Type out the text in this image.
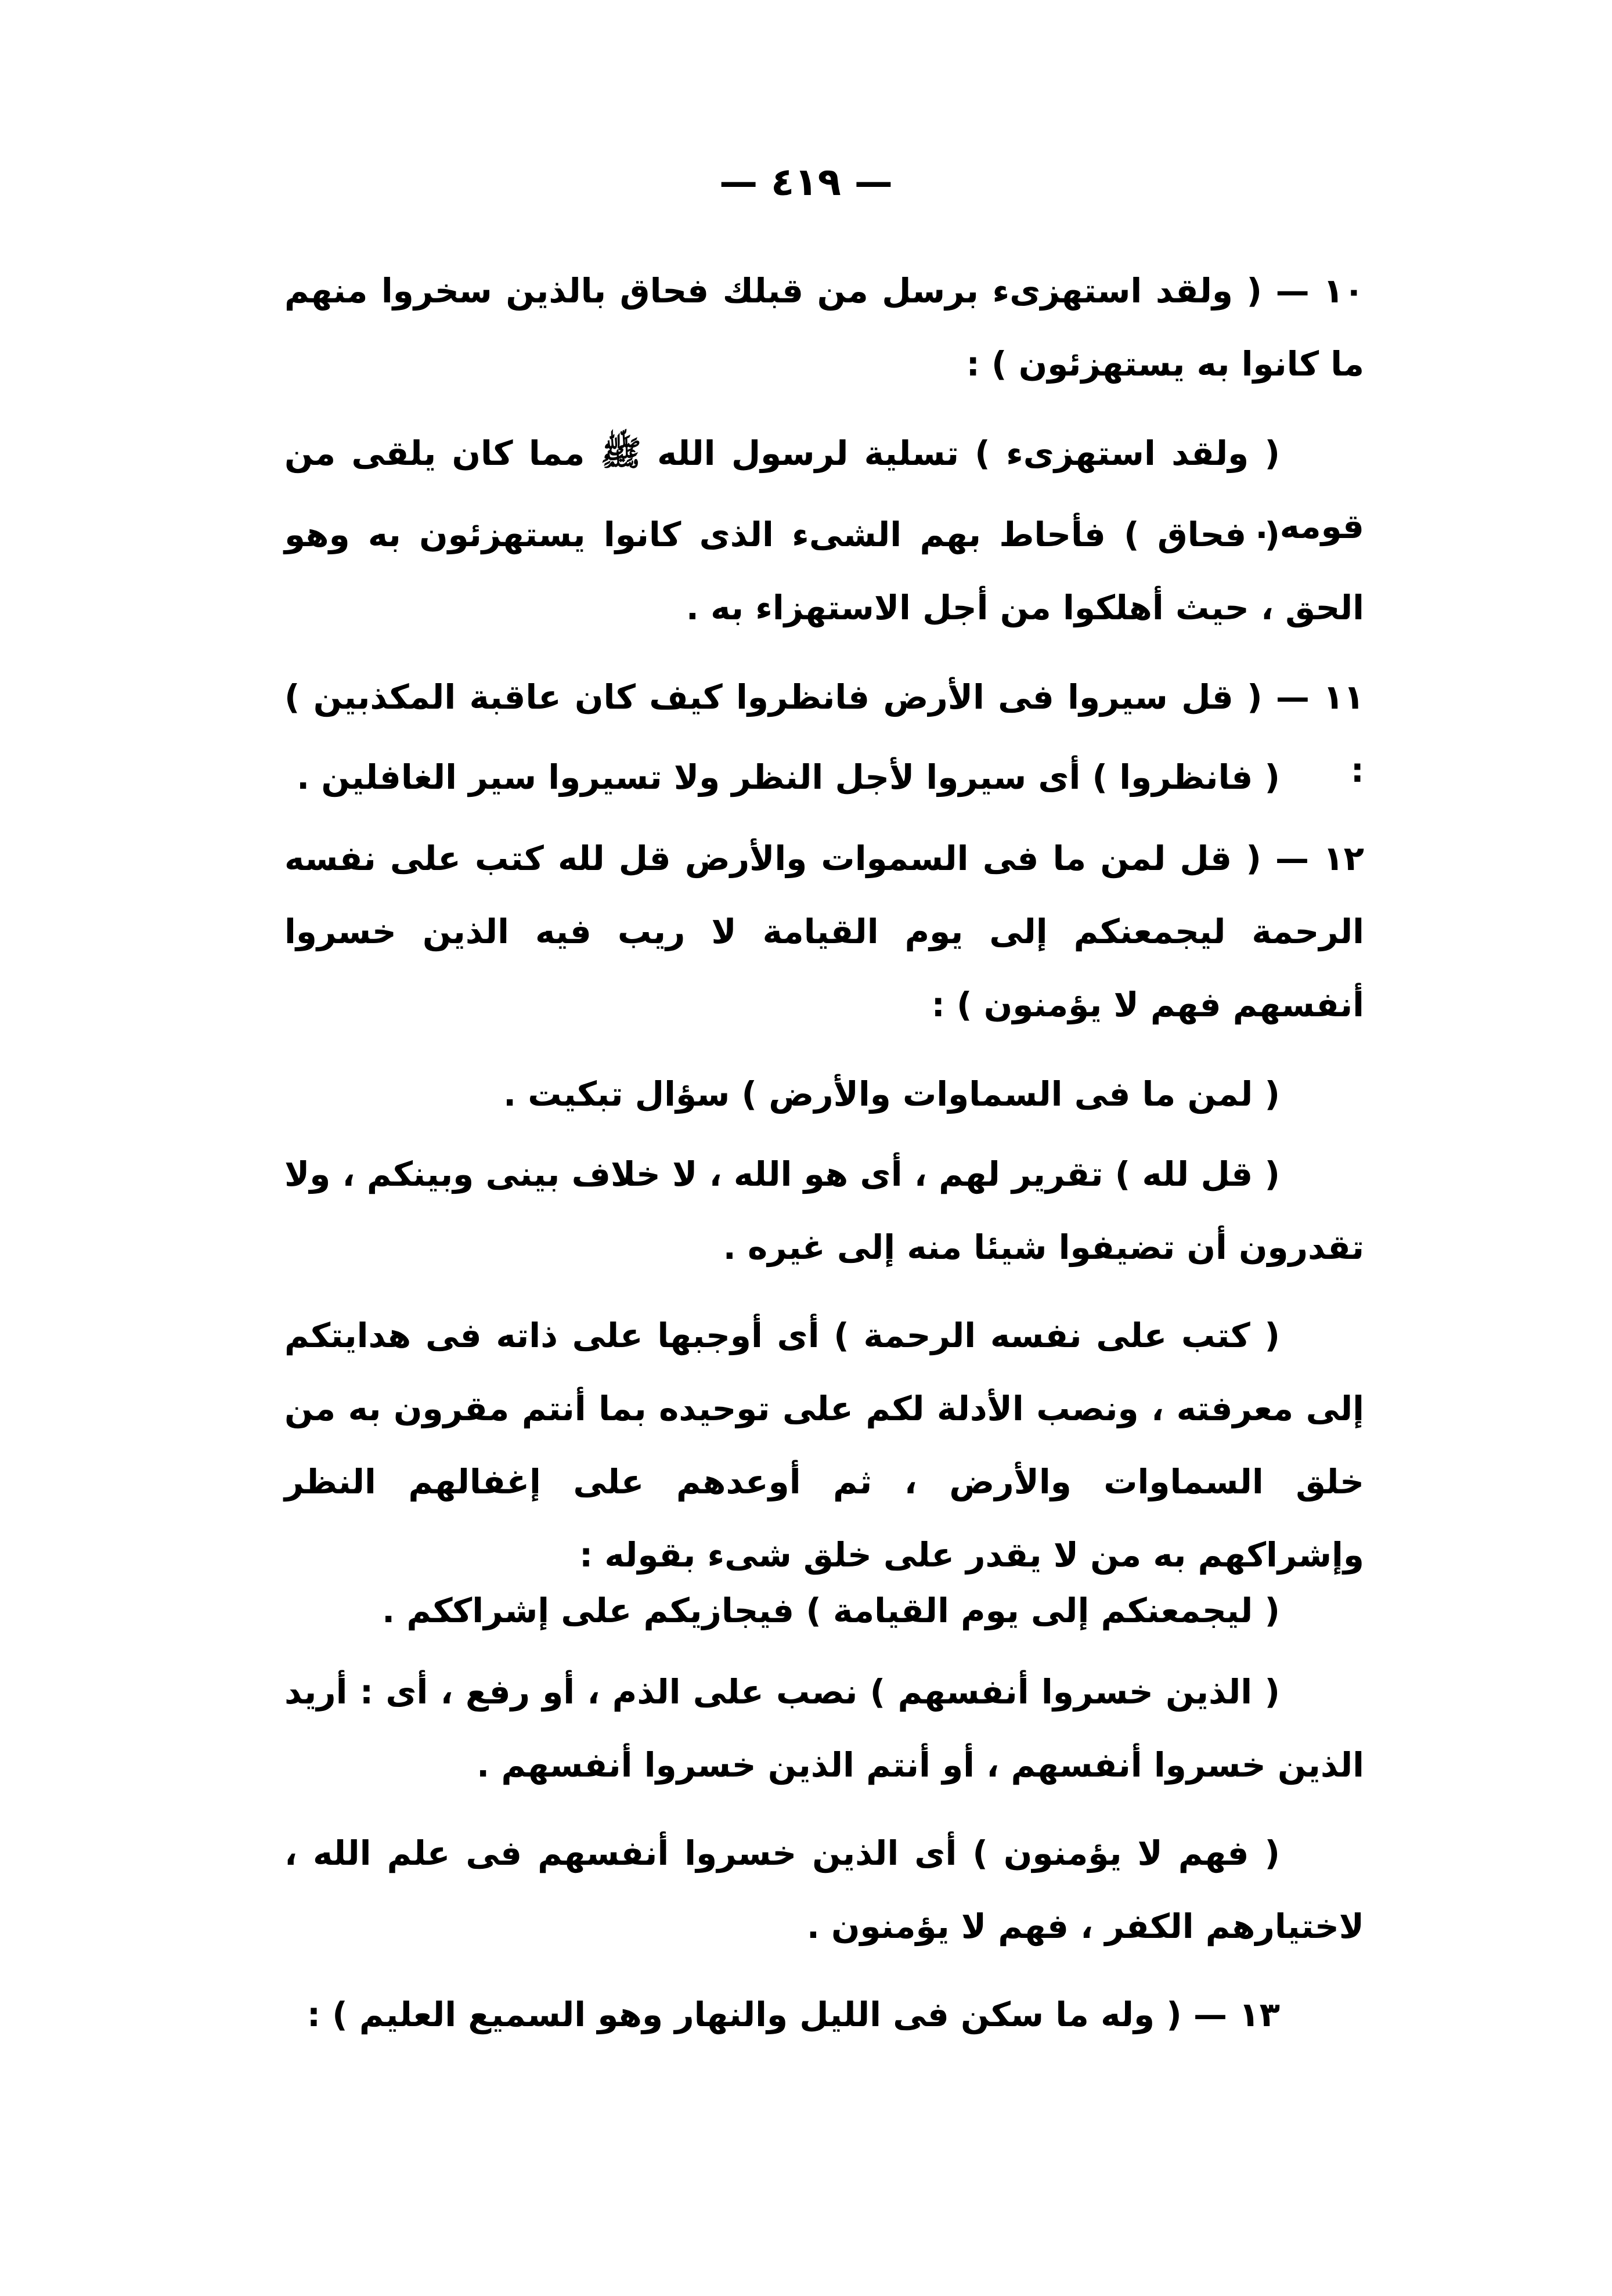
— ٤١٩ —

١٠ — ( ولقد استهزىء برسل من قبلك فحاق بالذين سخروا منهم ما كانوا به يستهزئون ) :

( ولقد استهزىء ) تسلية لرسول الله ﷺ مما كان يلقى من قومه .

( فحاق ) فأحاط بهم الشىء الذى كانوا يستهزئون به وهو الحق ، حيث أهلكوا من أجل الاستهزاء به .

١١ — ( قل سيروا فى الأرض فانظروا كيف كان عاقبة المكذبين ) :

( فانظروا ) أى سيروا لأجل النظر ولا تسيروا سير الغافلين .

١٢ — ( قل لمن ما فى السموات والأرض قل لله كتب على نفسه الرحمة ليجمعنكم إلى يوم القيامة لا ريب فيه الذين خسروا أنفسهم فهم لا يؤمنون ) :

( لمن ما فى السماوات والأرض ) سؤال تبكيت .

( قل لله ) تقرير لهم ، أى هو الله ، لا خلاف بينى وبينكم ، ولا تقدرون أن تضيفوا شيئا منه إلى غيره .

( كتب على نفسه الرحمة ) أى أوجبها على ذاته فى هدايتكم إلى معرفته ، ونصب الأدلة لكم على توحيده بما أنتم مقرون به من خلق السماوات والأرض ، ثم أوعدهم على إغفالهم النظر وإشراكهم به من لا يقدر على خلق شىء بقوله :

( ليجمعنكم إلى يوم القيامة ) فيجازيكم على إشراككم .

( الذين خسروا أنفسهم ) نصب على الذم ، أو رفع ، أى : أريد الذين خسروا أنفسهم ، أو أنتم الذين خسروا أنفسهم .

( فهم لا يؤمنون ) أى الذين خسروا أنفسهم فى علم الله ، لاختيارهم الكفر ، فهم لا يؤمنون .

١٣ — ( وله ما سكن فى الليل والنهار وهو السميع العليم ) :
